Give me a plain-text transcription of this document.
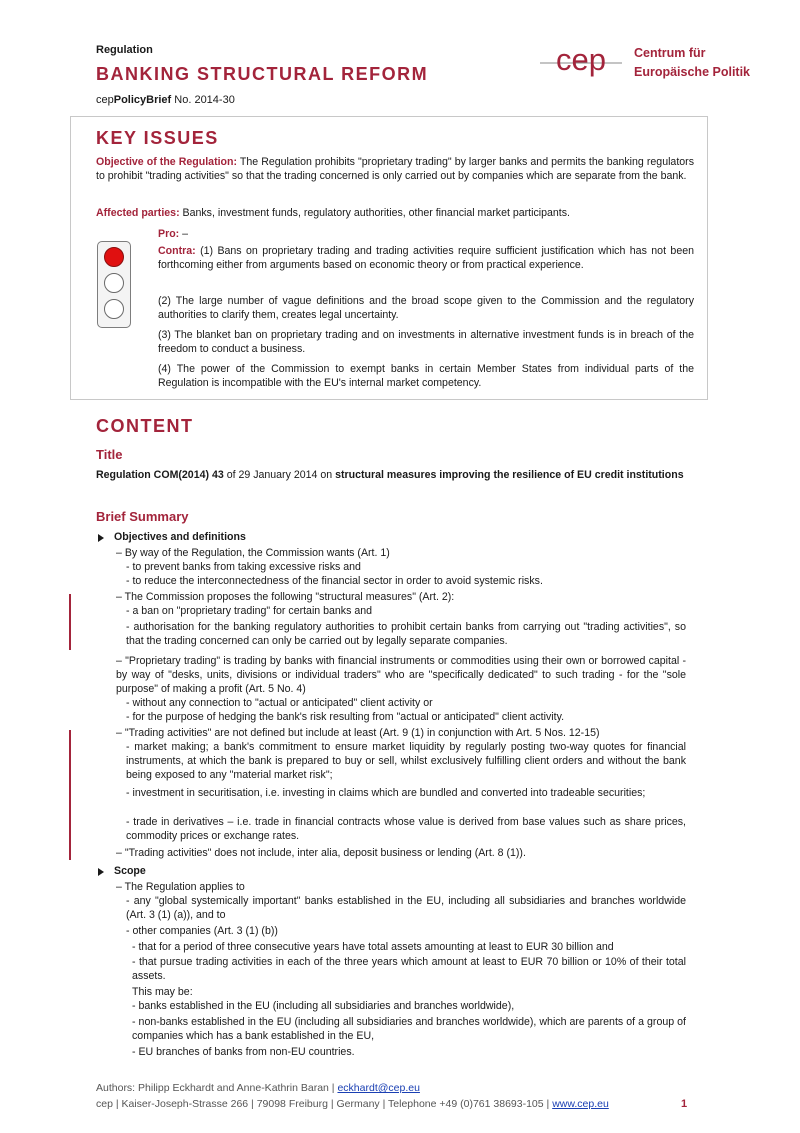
Regulation
BANKING STRUCTURAL REFORM
cepPolicyBrief No. 2014-30
cep Centrum für
Europäische Politik
KEY ISSUES
Objective of the Regulation: The Regulation prohibits "proprietary trading" by larger banks and permits the banking regulators to prohibit "trading activities" so that the trading concerned is only carried out by companies which are separate from the bank.
Affected parties: Banks, investment funds, regulatory authorities, other financial market participants.
Pro: –
Contra: (1) Bans on proprietary trading and trading activities require sufficient justification which has not been forthcoming either from arguments based on economic theory or from practical experience.
(2) The large number of vague definitions and the broad scope given to the Commission and the regulatory authorities to clarify them, creates legal uncertainty.
(3) The blanket ban on proprietary trading and on investments in alternative investment funds is in breach of the freedom to conduct a business.
(4) The power of the Commission to exempt banks in certain Member States from individual parts of the Regulation is incompatible with the EU's internal market competency.
CONTENT
Title
Regulation COM(2014) 43 of 29 January 2014 on structural measures improving the resilience of EU credit institutions
Brief Summary
Objectives and definitions
– By way of the Regulation, the Commission wants (Art. 1)
- to prevent banks from taking excessive risks and
- to reduce the interconnectedness of the financial sector in order to avoid systemic risks.
– The Commission proposes the following "structural measures" (Art. 2):
- a ban on "proprietary trading" for certain banks and
- authorisation for the banking regulatory authorities to prohibit certain banks from carrying out "trading activities", so that the trading concerned can only be carried out by legally separate companies.
– "Proprietary trading" is trading by banks with financial instruments or commodities using their own or borrowed capital - by way of "desks, units, divisions or individual traders" who are "specifically dedicated" to such trading - for the "sole purpose" of making a profit (Art. 5 No. 4)
- without any connection to "actual or anticipated" client activity or
- for the purpose of hedging the bank's risk resulting from "actual or anticipated" client activity.
– "Trading activities" are not defined but include at least (Art. 9 (1) in conjunction with Art. 5 Nos. 12-15)
- market making; a bank's commitment to ensure market liquidity by regularly posting two-way quotes for financial instruments, at which the bank is prepared to buy or sell, whilst exclusively fulfilling client orders and without the bank being exposed to any "material market risk";
- investment in securitisation, i.e. investing in claims which are bundled and converted into tradeable securities;
- trade in derivatives – i.e. trade in financial contracts whose value is derived from base values such as share prices, commodity prices or exchange rates.
– "Trading activities" does not include, inter alia, deposit business or lending (Art. 8 (1)).
Scope
– The Regulation applies to
- any "global systemically important" banks established in the EU, including all subsidiaries and branches worldwide (Art. 3 (1) (a)), and to
- other companies (Art. 3 (1) (b))
- that for a period of three consecutive years have total assets amounting at least to EUR 30 billion and
- that pursue trading activities in each of the three years which amount at least to EUR 70 billion or 10% of their total assets.
This may be:
- banks established in the EU (including all subsidiaries and branches worldwide),
- non-banks established in the EU (including all subsidiaries and branches worldwide), which are parents of a group of companies which has a bank established in the EU,
- EU branches of banks from non-EU countries.
Authors: Philipp Eckhardt and Anne-Kathrin Baran | eckhardt@cep.eu
cep | Kaiser-Joseph-Strasse 266 | 79098 Freiburg | Germany | Telephone +49 (0)761 38693-105 | www.cep.eu	1
